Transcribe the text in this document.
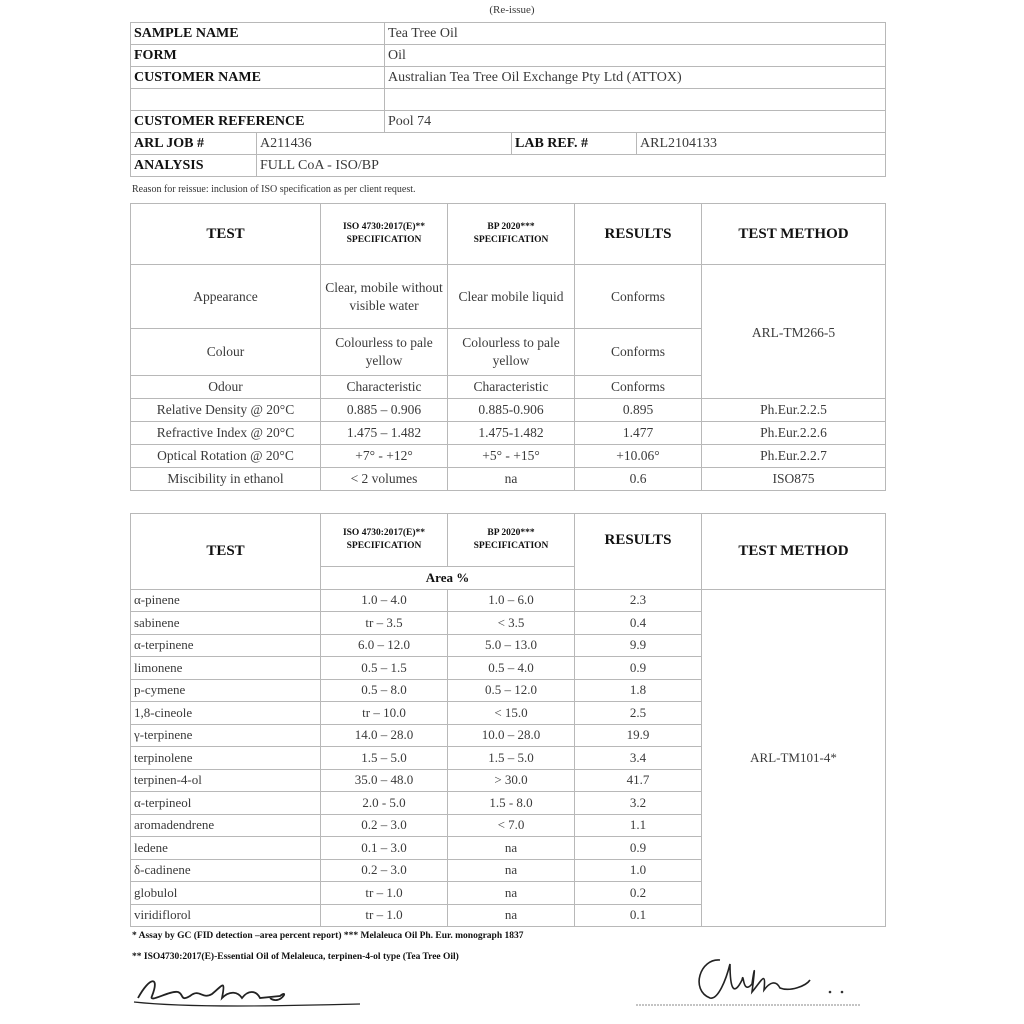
(Re-issue)
SAMPLE NAME		Tea Tree Oil		
FORM		Oil		
CUSTOMER NAME		Australian Tea Tree Oil Exchange Pty Ltd (ATTOX)		

CUSTOMER REFERENCE		Pool 74		
ARL JOB #	A211436		LAB REF. #	ARL2104133
ANALYSIS	FULL CoA - ISO/BP			
Reason for reissue: inclusion of ISO specification as per client request.
TEST	ISO 4730:2017(E)** SPECIFICATION	BP 2020*** SPECIFICATION	RESULTS	TEST METHOD
Appearance	Clear, mobile without visible water	Clear mobile liquid	Conforms	ARL-TM266-5
Colour	Colourless to pale yellow	Colourless to pale yellow	Conforms	
Odour	Characteristic	Characteristic	Conforms	
Relative Density @ 20°C	0.885 – 0.906	0.885-0.906	0.895	Ph.Eur.2.2.5
Refractive Index @ 20°C	1.475 – 1.482	1.475-1.482	1.477	Ph.Eur.2.2.6
Optical Rotation @ 20°C	+7° - +12°	+5° - +15°	+10.06°	Ph.Eur.2.2.7
Miscibility in ethanol	< 2 volumes	na	0.6	ISO875
TEST	ISO 4730:2017(E)** SPECIFICATION	BP 2020*** SPECIFICATION	RESULTS	TEST METHOD
	Area %			
α-pinene	1.0 – 4.0	1.0 – 6.0	2.3	ARL-TM101-4*
sabinene	tr – 3.5	< 3.5	0.4	
α-terpinene	6.0 – 12.0	5.0 – 13.0	9.9	
limonene	0.5 – 1.5	0.5 – 4.0	0.9	
p-cymene	0.5 – 8.0	0.5 – 12.0	1.8	
1,8-cineole	tr – 10.0	< 15.0	2.5	
γ-terpinene	14.0 – 28.0	10.0 – 28.0	19.9	
terpinolene	1.5 – 5.0	1.5 – 5.0	3.4	
terpinen-4-ol	35.0 – 48.0	> 30.0	41.7	
α-terpineol	2.0 - 5.0	1.5 - 8.0	3.2	
aromadendrene	0.2 – 3.0	< 7.0	1.1	
ledene	0.1 – 3.0	na	0.9	
δ-cadinene	0.2 – 3.0	na	1.0	
globulol	tr – 1.0	na	0.2	
viridiflorol	tr – 1.0	na	0.1	
* Assay by GC (FID detection –area percent report) *** Melaleuca Oil Ph. Eur. monograph 1837
** ISO4730:2017(E)-Essential Oil of Melaleuca, terpinen-4-ol type (Tea Tree Oil)
